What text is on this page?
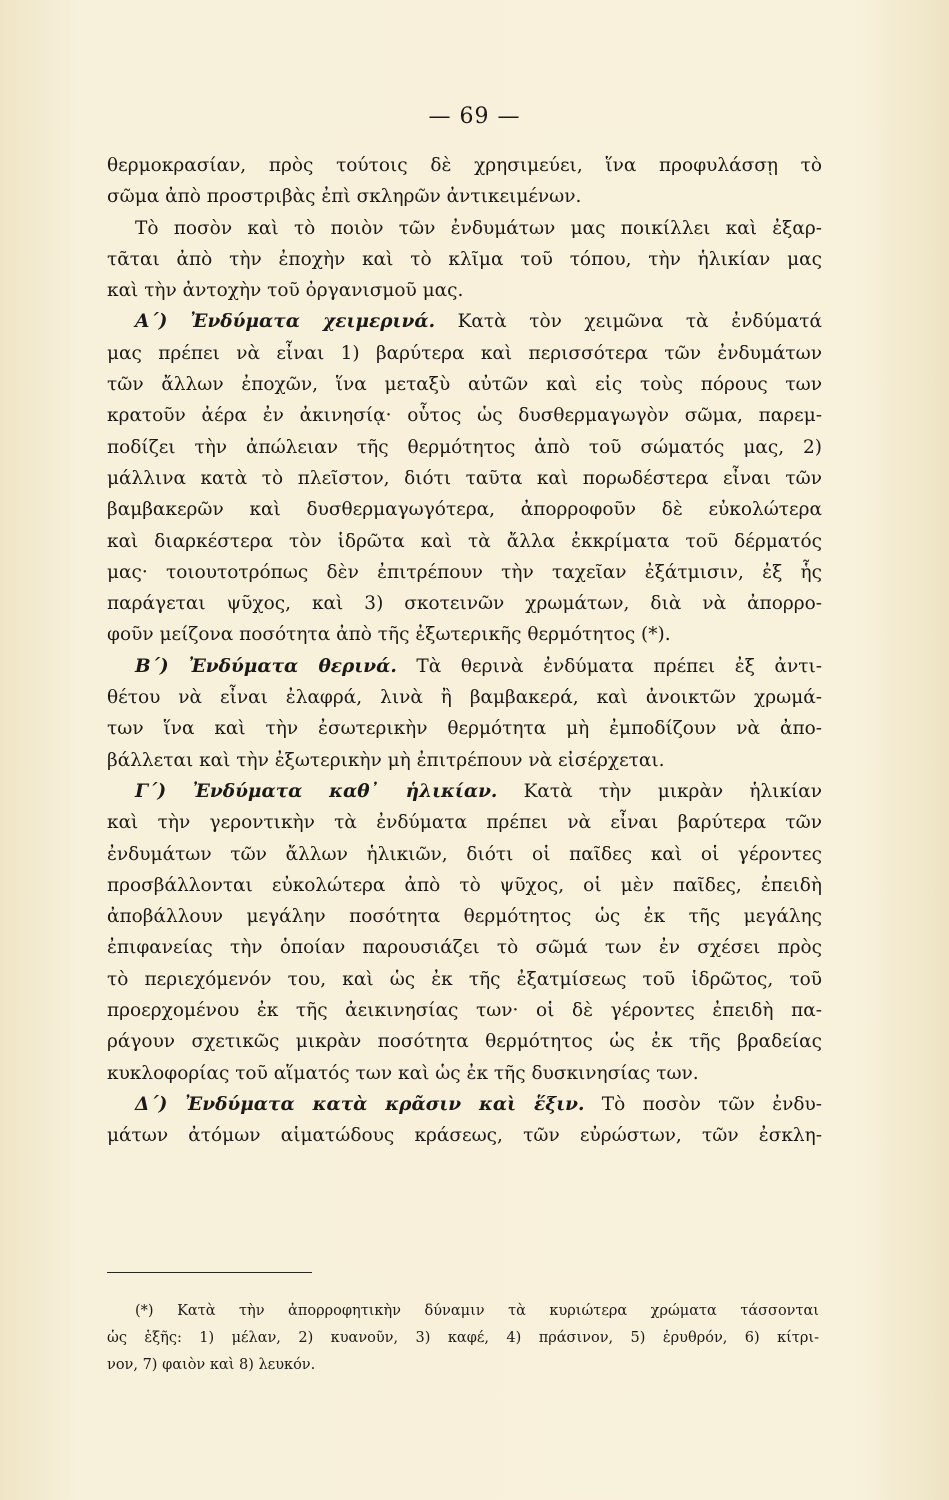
— 69 —
θερμοκρασίαν, πρὸς τούτοις δὲ χρησιμεύει, ἵνα προφυλάσσῃ τὸ
σῶμα ἀπὸ προστριβὰς ἐπὶ σκληρῶν ἀντικειμένων.
Τὸ ποσὸν καὶ τὸ ποιὸν τῶν ἐνδυμάτων μας ποικίλλει καὶ ἐξαρ-
τᾶται ἀπὸ τὴν ἐποχὴν καὶ τὸ κλῖμα τοῦ τόπου, τὴν ἡλικίαν μας
καὶ τὴν ἀντοχὴν τοῦ ὀργανισμοῦ μας.
Α΄) Ἐνδύματα χειμερινά. Κατὰ τὸν χειμῶνα τὰ ἐνδύματά
μας πρέπει νὰ εἶναι 1) βαρύτερα καὶ περισσότερα τῶν ἐνδυμάτων
τῶν ἄλλων ἐποχῶν, ἵνα μεταξὺ αὐτῶν καὶ εἰς τοὺς πόρους των
κρατοῦν ἀέρα ἐν ἀκινησίᾳ· οὗτος ὡς δυσθερμαγωγὸν σῶμα, παρεμ-
ποδίζει τὴν ἀπώλειαν τῆς θερμότητος ἀπὸ τοῦ σώματός μας, 2)
μάλλινα κατὰ τὸ πλεῖστον, διότι ταῦτα καὶ πορωδέστερα εἶναι τῶν
βαμβακερῶν καὶ δυσθερμαγωγότερα, ἀπορροφοῦν δὲ εὐκολώτερα
καὶ διαρκέστερα τὸν ἱδρῶτα καὶ τὰ ἄλλα ἐκκρίματα τοῦ δέρματός
μας· τοιουτοτρόπως δὲν ἐπιτρέπουν τὴν ταχεῖαν ἐξάτμισιν, ἐξ ἧς
παράγεται ψῦχος, καὶ 3) σκοτεινῶν χρωμάτων, διὰ νὰ ἀπορρο-
φοῦν μείζονα ποσότητα ἀπὸ τῆς ἐξωτερικῆς θερμότητος (*).
Β΄) Ἐνδύματα θερινά. Τὰ θερινὰ ἐνδύματα πρέπει ἐξ ἀντι-
θέτου νὰ εἶναι ἐλαφρά, λινὰ ἢ βαμβακερά, καὶ ἀνοικτῶν χρωμά-
των ἵνα καὶ τὴν ἐσωτερικὴν θερμότητα μὴ ἐμποδίζουν νὰ ἀπο-
βάλλεται καὶ τὴν ἐξωτερικὴν μὴ ἐπιτρέπουν νὰ εἰσέρχεται.
Γ΄) Ἐνδύματα καθ᾽ ἡλικίαν. Κατὰ τὴν μικρὰν ἡλικίαν
καὶ τὴν γεροντικὴν τὰ ἐνδύματα πρέπει νὰ εἶναι βαρύτερα τῶν
ἐνδυμάτων τῶν ἄλλων ἡλικιῶν, διότι οἱ παῖδες καὶ οἱ γέροντες
προσβάλλονται εὐκολώτερα ἀπὸ τὸ ψῦχος, οἱ μὲν παῖδες, ἐπειδὴ
ἀποβάλλουν μεγάλην ποσότητα θερμότητος ὡς ἐκ τῆς μεγάλης
ἐπιφανείας τὴν ὁποίαν παρουσιάζει τὸ σῶμά των ἐν σχέσει πρὸς
τὸ περιεχόμενόν του, καὶ ὡς ἐκ τῆς ἐξατμίσεως τοῦ ἱδρῶτος, τοῦ
προερχομένου ἐκ τῆς ἀεικινησίας των· οἱ δὲ γέροντες ἐπειδὴ πα-
ράγουν σχετικῶς μικρὰν ποσότητα θερμότητος ὡς ἐκ τῆς βραδείας
κυκλοφορίας τοῦ αἵματός των καὶ ὡς ἐκ τῆς δυσκινησίας των.
Δ΄) Ἐνδύματα κατὰ κρᾶσιν καὶ ἕξιν. Τὸ ποσὸν τῶν ἐνδυ-
μάτων ἀτόμων αἱματώδους κράσεως, τῶν εὐρώστων, τῶν ἐσκλη-
(*) Κατὰ τὴν ἀπορροφητικὴν δύναμιν τὰ κυριώτερα χρώματα τάσσονται
ὡς ἑξῆς: 1) μέλαν, 2) κυανοῦν, 3) καφέ, 4) πράσινον, 5) ἐρυθρόν, 6) κίτρι-
νον, 7) φαιὸν καὶ 8) λευκόν.
